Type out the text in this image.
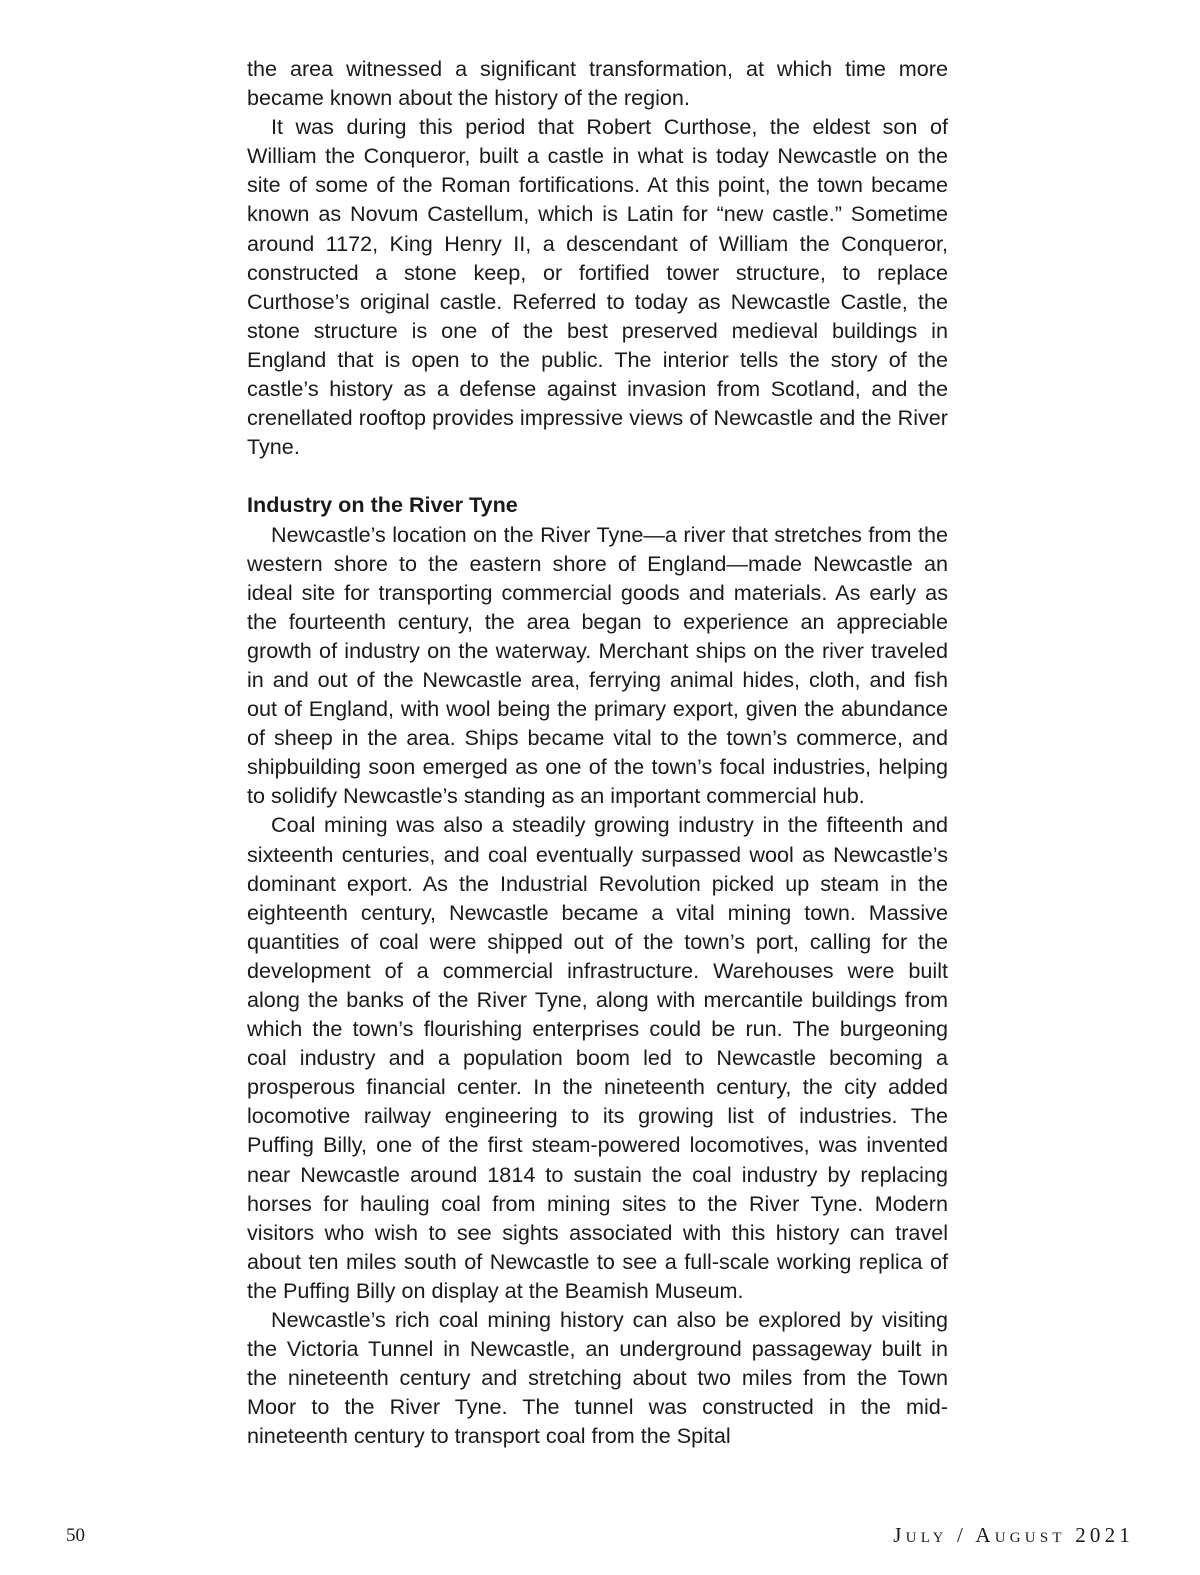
the area witnessed a significant transformation, at which time more became known about the history of the region.

It was during this period that Robert Curthose, the eldest son of William the Conqueror, built a castle in what is today Newcastle on the site of some of the Roman fortifications. At this point, the town became known as Novum Castellum, which is Latin for “new castle.” Sometime around 1172, King Henry II, a descendant of William the Conqueror, constructed a stone keep, or fortified tower structure, to replace Curthose’s original castle. Referred to today as Newcastle Castle, the stone structure is one of the best preserved medieval buildings in England that is open to the public. The interior tells the story of the castle’s history as a defense against invasion from Scotland, and the crenellated rooftop provides impressive views of Newcastle and the River Tyne.

Industry on the River Tyne

Newcastle’s location on the River Tyne—a river that stretches from the western shore to the eastern shore of England—made Newcastle an ideal site for transporting commercial goods and materials. As early as the fourteenth century, the area began to experience an appreciable growth of industry on the waterway. Merchant ships on the river traveled in and out of the Newcastle area, ferrying animal hides, cloth, and fish out of England, with wool being the primary export, given the abundance of sheep in the area. Ships became vital to the town’s commerce, and shipbuilding soon emerged as one of the town’s focal industries, helping to solidify Newcastle’s standing as an important commercial hub.

Coal mining was also a steadily growing industry in the fifteenth and sixteenth centuries, and coal eventually surpassed wool as Newcastle’s dominant export. As the Industrial Revolution picked up steam in the eighteenth century, Newcastle became a vital mining town. Massive quantities of coal were shipped out of the town’s port, calling for the development of a commercial infrastructure. Warehouses were built along the banks of the River Tyne, along with mercantile buildings from which the town’s flourishing enterprises could be run. The burgeoning coal industry and a population boom led to Newcastle becoming a prosperous financial center. In the nineteenth century, the city added locomotive railway engineering to its growing list of industries. The Puffing Billy, one of the first steam-powered locomotives, was invented near Newcastle around 1814 to sustain the coal industry by replacing horses for hauling coal from mining sites to the River Tyne. Modern visitors who wish to see sights associated with this history can travel about ten miles south of Newcastle to see a full-scale working replica of the Puffing Billy on display at the Beamish Museum.

Newcastle’s rich coal mining history can also be explored by visiting the Victoria Tunnel in Newcastle, an underground passageway built in the nineteenth century and stretching about two miles from the Town Moor to the River Tyne. The tunnel was constructed in the mid-nineteenth century to transport coal from the Spital

50	July / August 2021
